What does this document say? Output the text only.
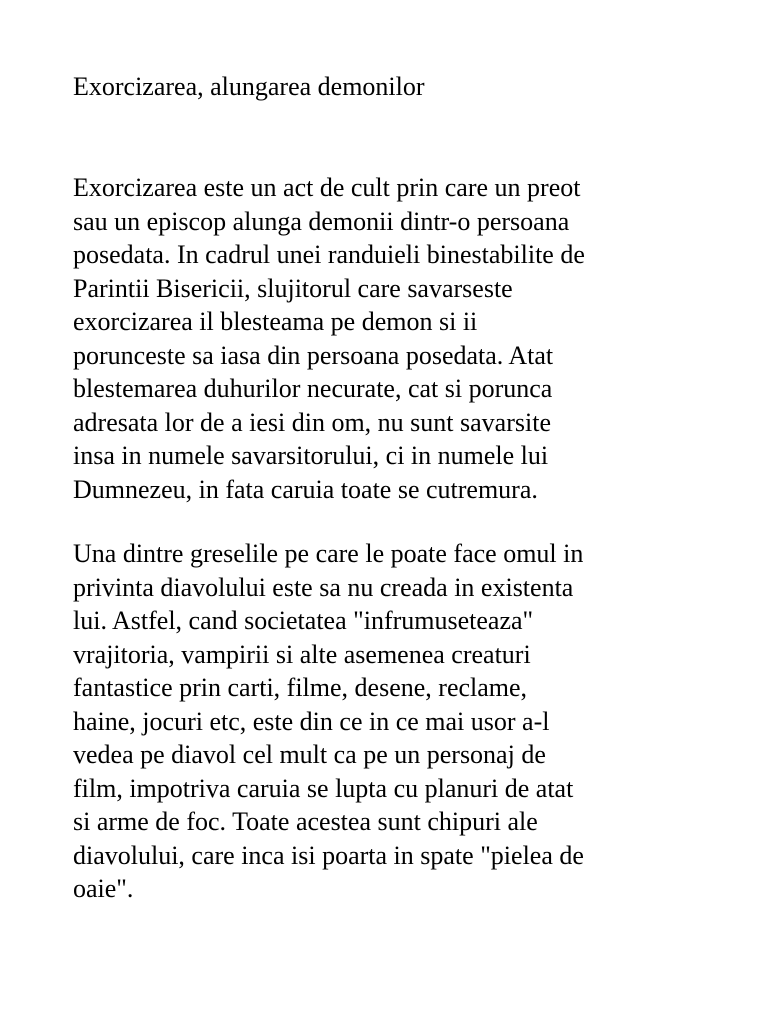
Exorcizarea, alungarea demonilor

Exorcizarea este un act de cult prin care un preot
sau un episcop alunga demonii dintr-o persoana
posedata. In cadrul unei randuieli binestabilite de
Parintii Bisericii, slujitorul care savarseste
exorcizarea il blesteama pe demon si ii
porunceste sa iasa din persoana posedata. Atat
blestemarea duhurilor necurate, cat si porunca
adresata lor de a iesi din om, nu sunt savarsite
insa in numele savarsitorului, ci in numele lui
Dumnezeu, in fata caruia toate se cutremura.

Una dintre greselile pe care le poate face omul in
privinta diavolului este sa nu creada in existenta
lui. Astfel, cand societatea "infrumuseteaza"
vrajitoria, vampirii si alte asemenea creaturi
fantastice prin carti, filme, desene, reclame,
haine, jocuri etc, este din ce in ce mai usor a-l
vedea pe diavol cel mult ca pe un personaj de
film, impotriva caruia se lupta cu planuri de atat
si arme de foc. Toate acestea sunt chipuri ale
diavolului, care inca isi poarta in spate "pielea de
oaie".
